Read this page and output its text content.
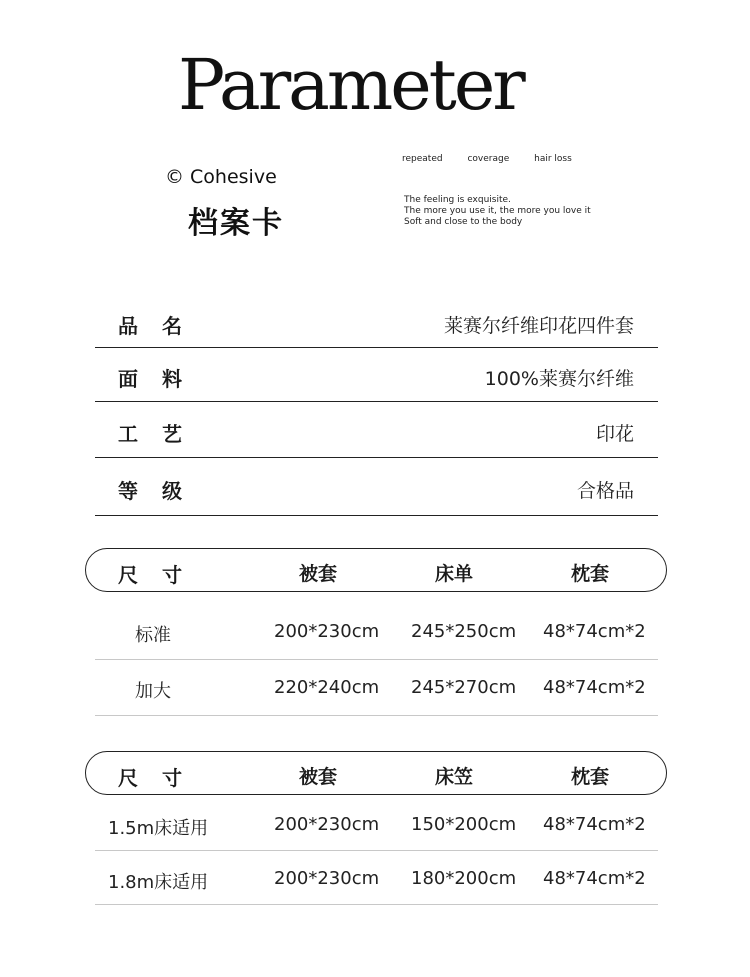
Parameter
© Cohesive
档案卡
repeated	coverage	hair loss
The feeling is exquisite.
The more you use it, the more you love it
Soft and close to the body
品名	莱赛尔纤维印花四件套
面料	100%莱赛尔纤维
工艺	印花
等级	合格品
尺寸	被套	床单	枕套
标准	200*230cm 245*250cm 48*74cm*2
加大	220*240cm 245*270cm 48*74cm*2
尺寸	被套	床笠	枕套
1.5m床适用	200*230cm 150*200cm 48*74cm*2
1.8m床适用	200*230cm 180*200cm 48*74cm*2
